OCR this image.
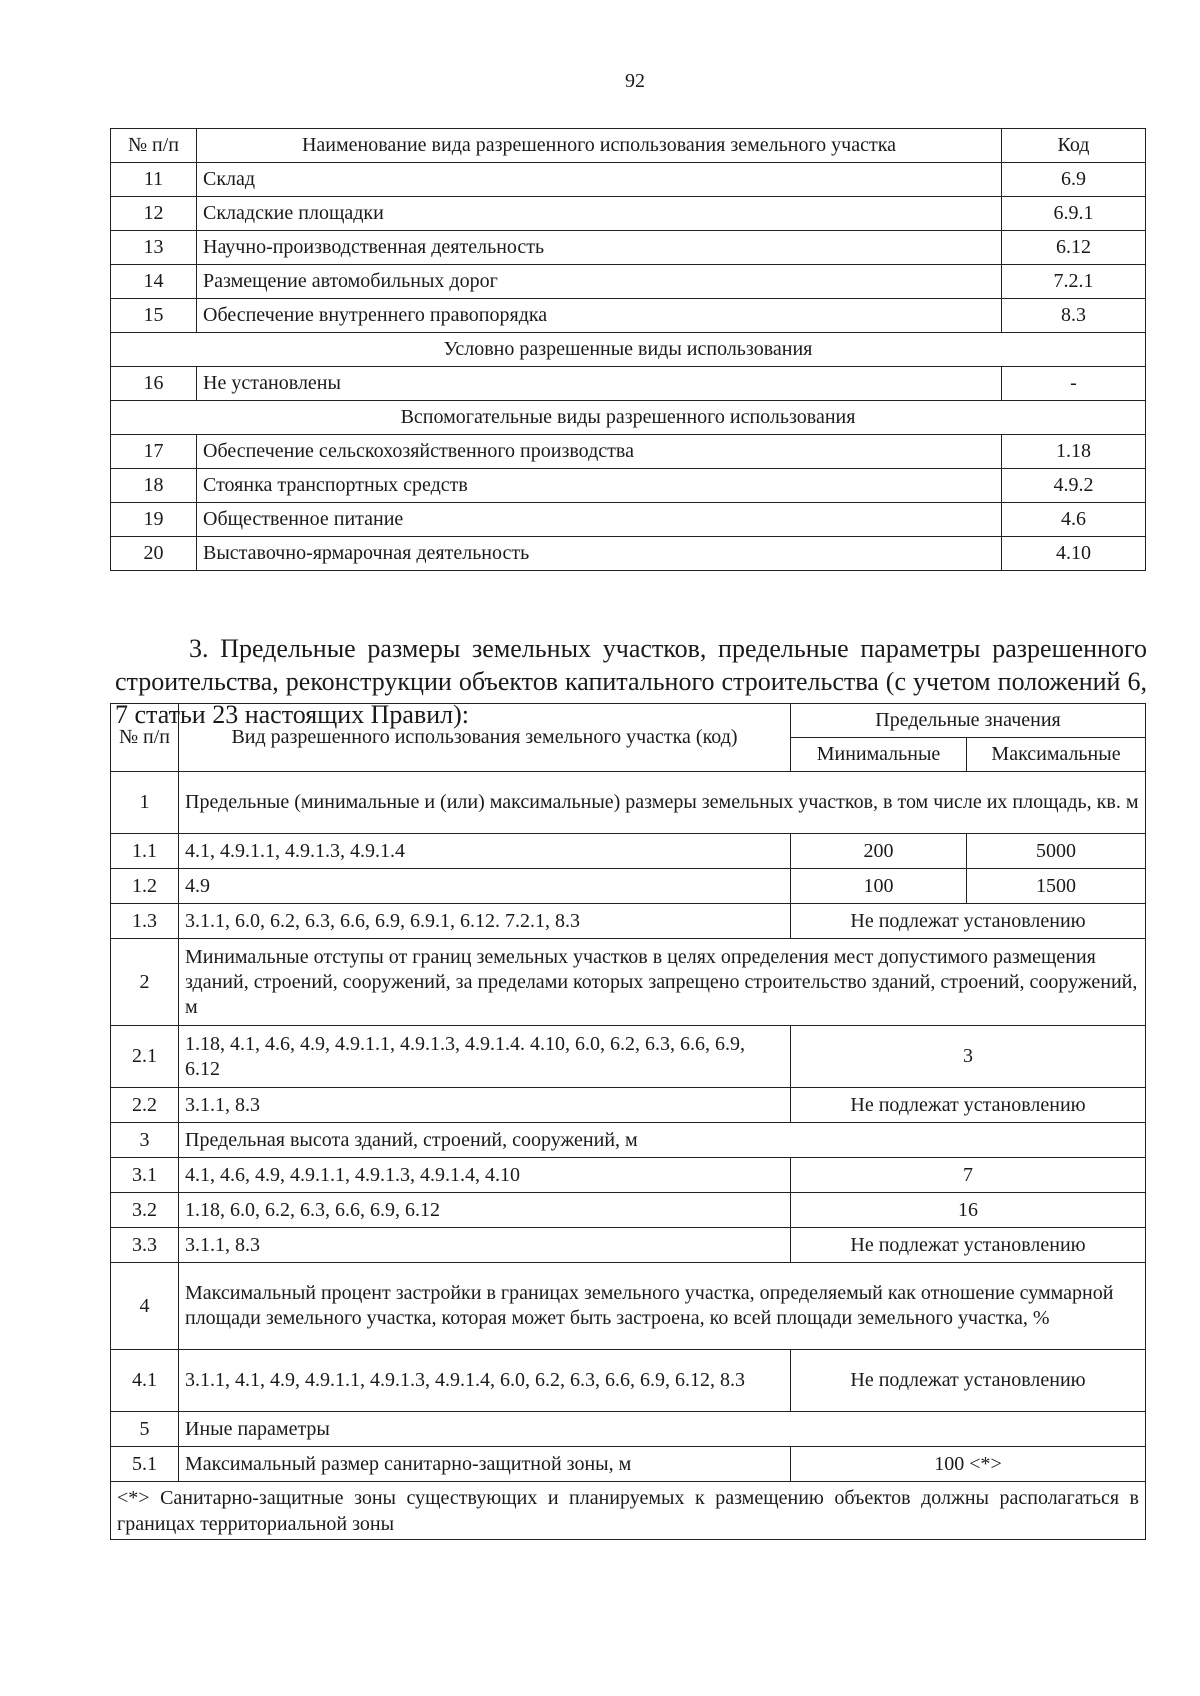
92
№ п/п	Наименование вида разрешенного использования земельного участка	Код
11	Склад	6.9
12	Складские площадки	6.9.1
13	Научно-производственная деятельность	6.12
14	Размещение автомобильных дорог	7.2.1
15	Обеспечение внутреннего правопорядка	8.3
Условно разрешенные виды использования		
16	Не установлены	-
Вспомогательные виды разрешенного использования		
17	Обеспечение сельскохозяйственного производства	1.18
18	Стоянка транспортных средств	4.9.2
19	Общественное питание	4.6
20	Выставочно-ярмарочная деятельность	4.10

3. Предельные размеры земельных участков, предельные параметры разрешенного строительства, реконструкции объектов капитального строительства (с учетом положений 6, 7 статьи 23 настоящих Правил):

№ п/п	Вид разрешенного использования земельного участка (код)	Предельные значения	
		Минимальные	Максимальные
1	Предельные (минимальные и (или) максимальные) размеры земельных участков, в том числе их площадь, кв. м		
1.1	4.1, 4.9.1.1, 4.9.1.3, 4.9.1.4	200	5000
1.2	4.9	100	1500
1.3	3.1.1, 6.0, 6.2, 6.3, 6.6, 6.9, 6.9.1, 6.12. 7.2.1, 8.3	Не подлежат установлению	
2	Минимальные отступы от границ земельных участков в целях определения мест допустимого размещения зданий, строений, сооружений, за пределами которых запрещено строительство зданий, строений, сооружений, м		
2.1	1.18, 4.1, 4.6, 4.9, 4.9.1.1, 4.9.1.3, 4.9.1.4. 4.10, 6.0, 6.2, 6.3, 6.6, 6.9, 6.12	3	
2.2	3.1.1, 8.3	Не подлежат установлению	
3	Предельная высота зданий, строений, сооружений, м		
3.1	4.1, 4.6, 4.9, 4.9.1.1, 4.9.1.3, 4.9.1.4, 4.10	7	
3.2	1.18, 6.0, 6.2, 6.3, 6.6, 6.9, 6.12	16	
3.3	3.1.1, 8.3	Не подлежат установлению	
4	Максимальный процент застройки в границах земельного участка, определяемый как отношение суммарной площади земельного участка, которая может быть застроена, ко всей площади земельного участка, %		
4.1	3.1.1, 4.1, 4.9, 4.9.1.1, 4.9.1.3, 4.9.1.4, 6.0, 6.2, 6.3, 6.6, 6.9, 6.12, 8.3	Не подлежат установлению	
5	Иные параметры		
5.1	Максимальный размер санитарно-защитной зоны, м	100 <*>	
<*> Санитарно-защитные зоны существующих и планируемых к размещению объектов должны располагаться в границах территориальной зоны			
